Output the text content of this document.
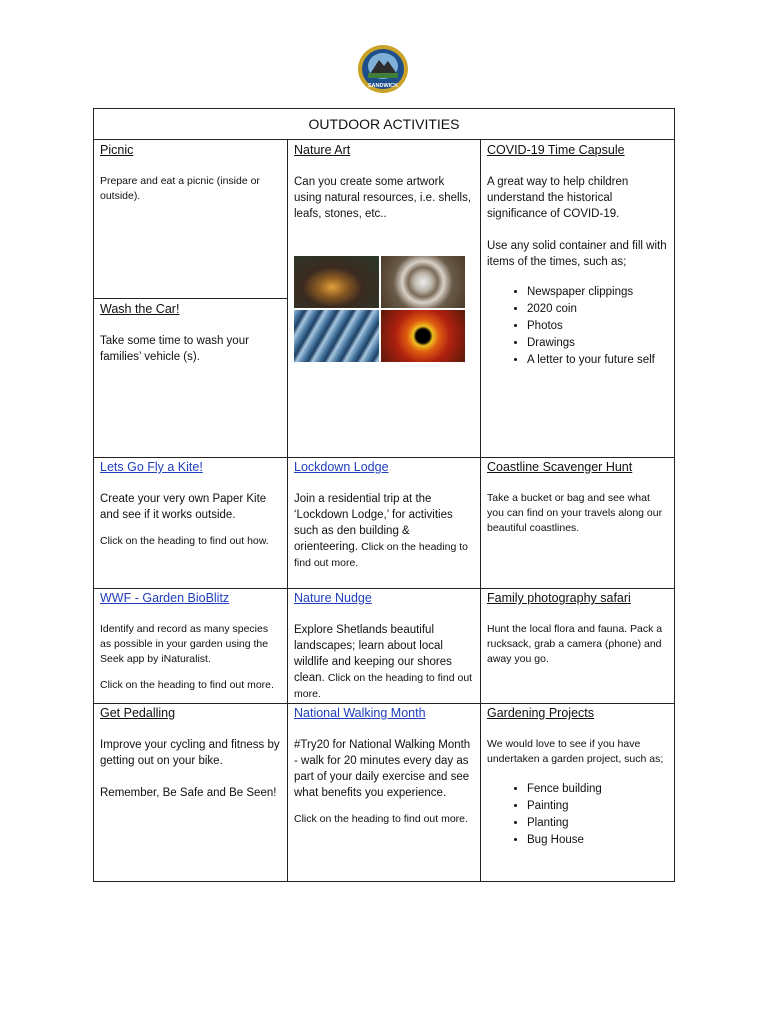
SANDWICK
OUTDOOR ACTIVITIES
Picnic

Prepare and eat a picnic (inside or outside).

Wash the Car!

Take some time to wash your families’ vehicle (s).

Nature Art

Can you create some artwork using natural resources, i.e. shells, leafs, stones, etc..

COVID-19 Time Capsule

A great way to help children understand the historical significance of COVID-19.

Use any solid container and fill with items of the times, such as;

• Newspaper clippings
• 2020 coin
• Photos
• Drawings
• A letter to your future self
Lets Go Fly a Kite!

Create your very own Paper Kite and see if it works outside.

Click on the heading to find out how.

Lockdown Lodge

Join a residential trip at the ‘Lockdown Lodge,’ for activities such as den building & orienteering. Click on the heading to find out more.

Coastline Scavenger Hunt

Take a bucket or bag and see what you can find on your travels along our beautiful coastlines.

WWF - Garden BioBlitz

Identify and record as many species as possible in your garden using the Seek app by iNaturalist.

Click on the heading to find out more.

Nature Nudge

Explore Shetlands beautiful landscapes; learn about local wildlife and keeping our shores clean. Click on the heading to find out more.

Family photography safari

Hunt the local flora and fauna. Pack a rucksack, grab a camera (phone) and away you go.

Get Pedalling

Improve your cycling and fitness by getting out on your bike.

Remember, Be Safe and Be Seen!

National Walking Month

#Try20 for National Walking Month - walk for 20 minutes every day as part of your daily exercise and see what benefits you experience.

Click on the heading to find out more.

Gardening Projects

We would love to see if you have undertaken a garden project, such as;

• Fence building
• Painting
• Planting
• Bug House
